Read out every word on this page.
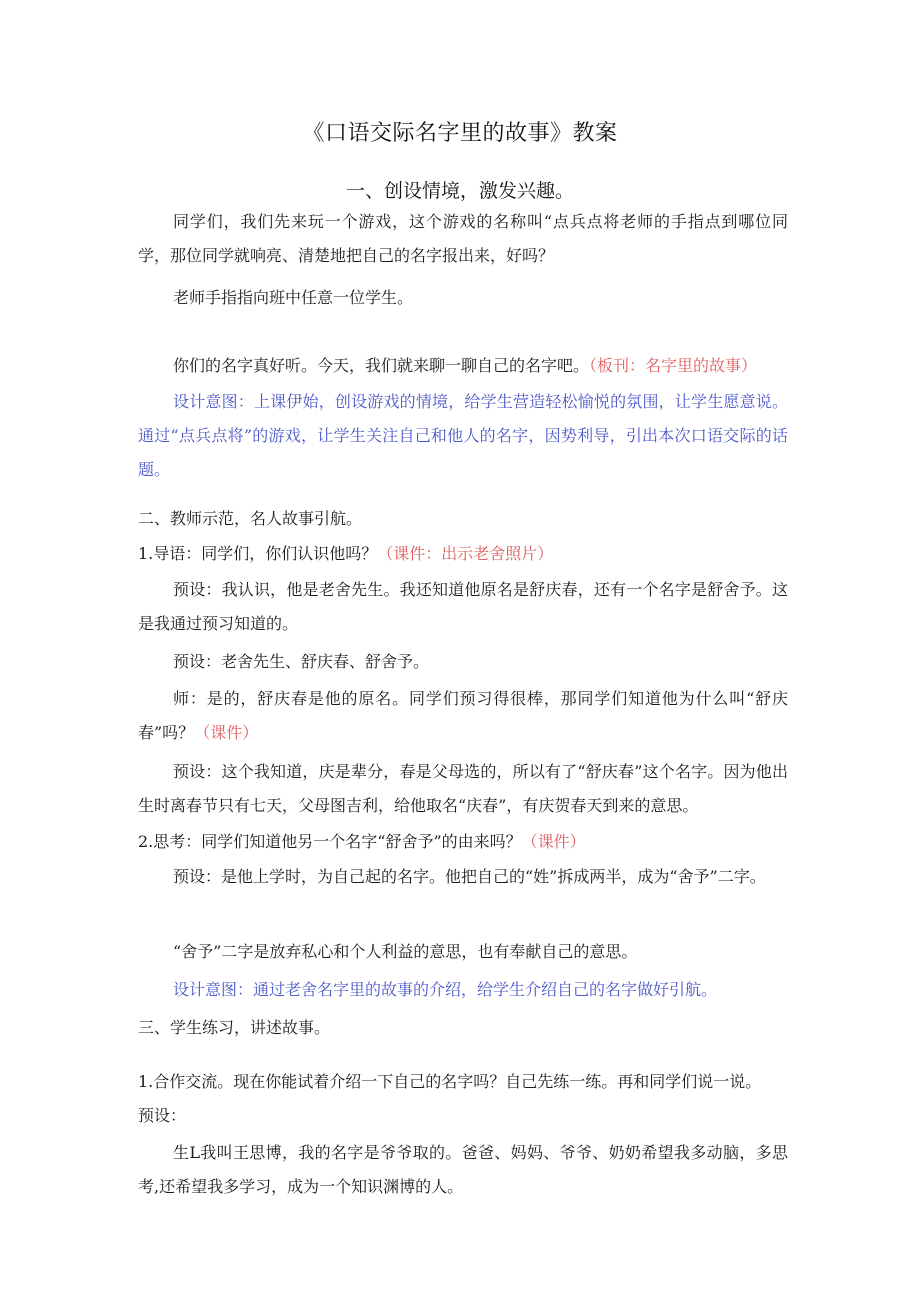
《口语交际名字里的故事》教案
一、创设情境，激发兴趣。
同学们，我们先来玩一个游戏，这个游戏的名称叫“点兵点将老师的手指点到哪位同学，那位同学就响亮、清楚地把自己的名字报出来，好吗？
老师手指指向班中任意一位学生。
你们的名字真好听。今天，我们就来聊一聊自己的名字吧。（板刊：名字里的故事）
设计意图：上课伊始，创设游戏的情境，给学生营造轻松愉悦的氛围，让学生愿意说。通过“点兵点将”的游戏，让学生关注自己和他人的名字，因势利导，引出本次口语交际的话题。
二、教师示范，名人故事引航。
1.导语：同学们，你们认识他吗？（课件：出示老舍照片）
预设：我认识，他是老舍先生。我还知道他原名是舒庆春，还有一个名字是舒舍予。这是我通过预习知道的。
预设：老舍先生、舒庆春、舒舍予。
师：是的，舒庆春是他的原名。同学们预习得很棒，那同学们知道他为什么叫“舒庆春”吗？（课件）
预设：这个我知道，庆是辈分，春是父母选的，所以有了“舒庆春”这个名字。因为他出生时离春节只有七天，父母图吉利，给他取名“庆春”，有庆贺春天到来的意思。
2.思考：同学们知道他另一个名字“舒舍予”的由来吗？（课件）
预设：是他上学时，为自己起的名字。他把自己的“姓”拆成两半，成为“舍予”二字。
“舍予”二字是放弃私心和个人利益的意思，也有奉献自己的意思。
设计意图：通过老舍名字里的故事的介绍，给学生介绍自己的名字做好引航。
三、学生练习，讲述故事。
1.合作交流。现在你能试着介绍一下自己的名字吗？自己先练一练。再和同学们说一说。
生L我叫王思博，我的名字是爷爷取的。爸爸、妈妈、爷爷、奶奶希望我多动脑，多思考,还希望我多学习，成为一个知识渊博的人。
预设：
